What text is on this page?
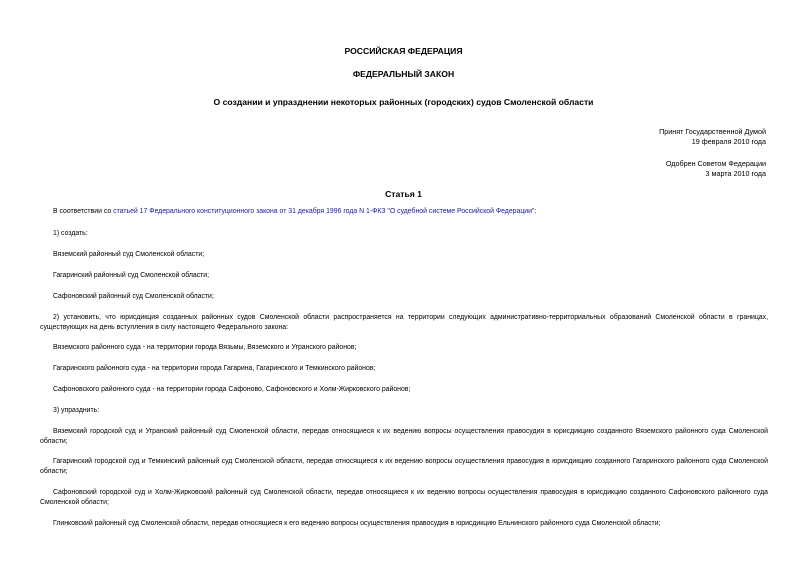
РОССИЙСКАЯ ФЕДЕРАЦИЯ
ФЕДЕРАЛЬНЫЙ ЗАКОН
О создании и упразднении некоторых районных (городских) судов Смоленской области
Принят Государственной Думой
19 февраля 2010 года
Одобрен Советом Федерации
3 марта 2010 года
Статья 1

В соответствии со статьей 17 Федерального конституционного закона от 31 декабря 1996 года N 1-ФКЗ "О судебной системе Российской Федерации":

1) создать:

Вяземский районный суд Смоленской области;

Гагаринский районный суд Смоленской области;

Сафоновский районный суд Смоленской области;

2) установить, что юрисдикция созданных районных судов Смоленской области распространяется на территории следующих административно-территориальных образований Смоленской области в границах, существующих на день вступления в силу настоящего Федерального закона:

Вяземского районного суда - на территории города Вязьмы, Вяземского и Угранского районов;

Гагаринского районного суда - на территории города Гагарина, Гагаринского и Темкинского районов;

Сафоновского районного суда - на территории города Сафоново, Сафоновского и Холм-Жирковского районов;

3) упразднить:

Вяземский городской суд и Угранский районный суд Смоленской области, передав относящиеся к их ведению вопросы осуществления правосудия в юрисдикцию созданного Вяземского районного суда Смоленской области;

Гагаринский городской суд и Темкинский районный суд Смоленской области, передав относящиеся к их ведению вопросы осуществления правосудия в юрисдикцию созданного Гагаринского районного суда Смоленской области;

Сафоновский городской суд и Холм-Жирковский районный суд Смоленской области, передав относящиеся к их ведению вопросы осуществления правосудия в юрисдикцию созданного Сафоновского районного суда Смоленской области;

Глинковский районный суд Смоленской области, передав относящиеся к его ведению вопросы осуществления правосудия в юрисдикцию Ельнинского районного суда Смоленской области;
